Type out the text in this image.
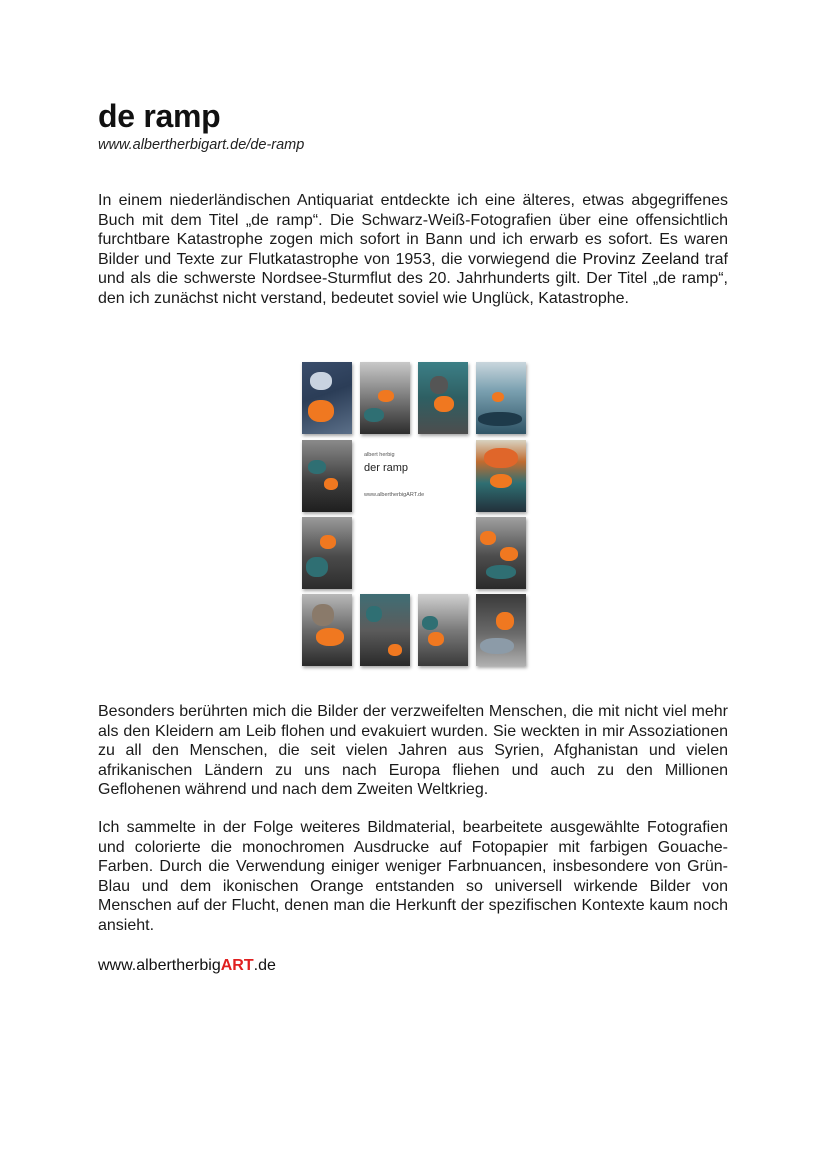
de ramp
www.albertherbigart.de/de-ramp

In einem niederländischen Antiquariat entdeckte ich eine älteres, etwas abgegriffenes Buch mit dem Titel „de ramp“. Die Schwarz-Weiß-Fotografien über eine offensichtlich furchtbare Katastrophe zogen mich sofort in Bann und ich erwarb es sofort. Es waren Bilder und Texte zur Flutkatastrophe von 1953, die vorwiegend die Provinz Zeeland traf und als die schwerste Nordsee-Sturmflut des 20. Jahrhunderts gilt. Der Titel „de ramp“, den ich zunächst nicht verstand, bedeutet soviel wie Unglück, Katastrophe.

Besonders berührten mich die Bilder der verzweifelten Menschen, die mit nicht viel mehr als den Kleidern am Leib flohen und evakuiert wurden. Sie weckten in mir Assoziationen zu all den Menschen, die seit vielen Jahren aus Syrien, Afghanistan und vielen afrikanischen Ländern zu uns nach Europa fliehen und auch zu den Millionen Geflohenen während und nach dem Zweiten Weltkrieg.

Ich sammelte in der Folge weiteres Bildmaterial, bearbeitete ausgewählte Fotografien und colorierte die monochromen Ausdrucke auf Fotopapier mit farbigen Gouache-Farben. Durch die Verwendung einiger weniger Farbnuancen, insbesondere von Grün-Blau und dem ikonischen Orange entstanden so universell wirkende Bilder von Menschen auf der Flucht, denen man die Herkunft der spezifischen Kontexte kaum noch ansieht.

www.albertherbigART.de
albert herbig
der ramp
www.albertherbigART.de
